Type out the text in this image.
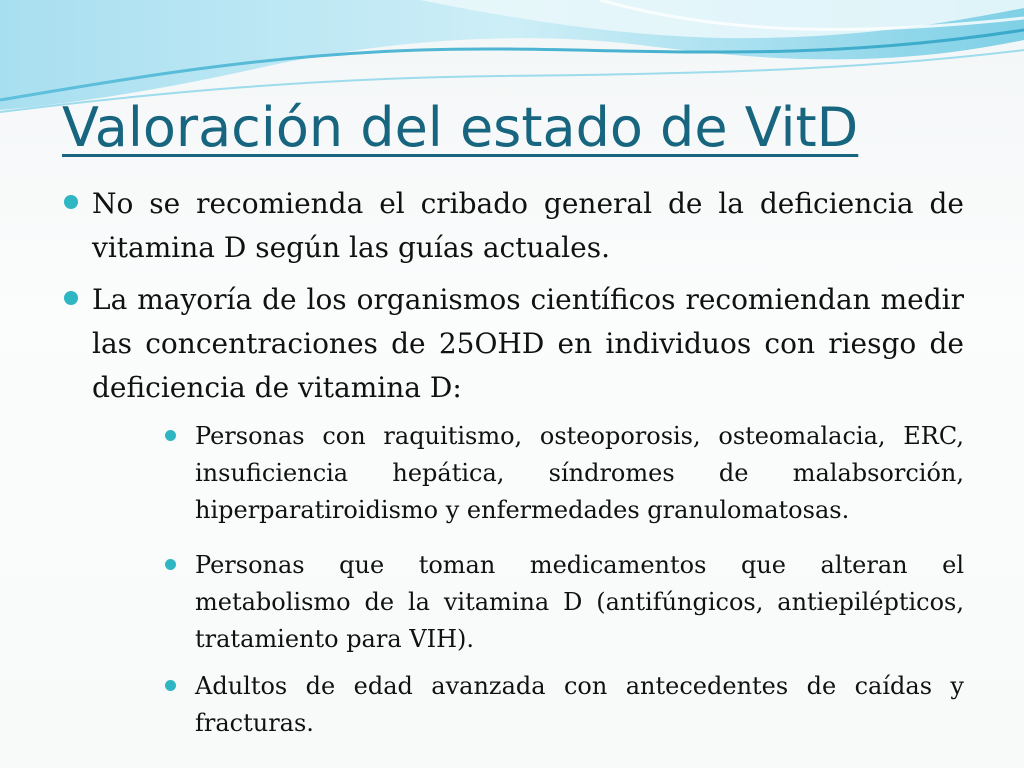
Valoración del estado de VitD
No se recomienda el cribado general de la deficiencia de vitamina D según las guías actuales.
La mayoría de los organismos científicos recomiendan medir las concentraciones de 25OHD en individuos con riesgo de deficiencia de vitamina D:
Personas con raquitismo, osteoporosis, osteomalacia, ERC, insuficiencia hepática, síndromes de malabsorción, hiperparatiroidismo y enfermedades granulomatosas.
Personas que toman medicamentos que alteran el metabolismo de la vitamina D (antifúngicos, antiepilépticos, tratamiento para VIH).
Adultos de edad avanzada con antecedentes de caídas y fracturas.
